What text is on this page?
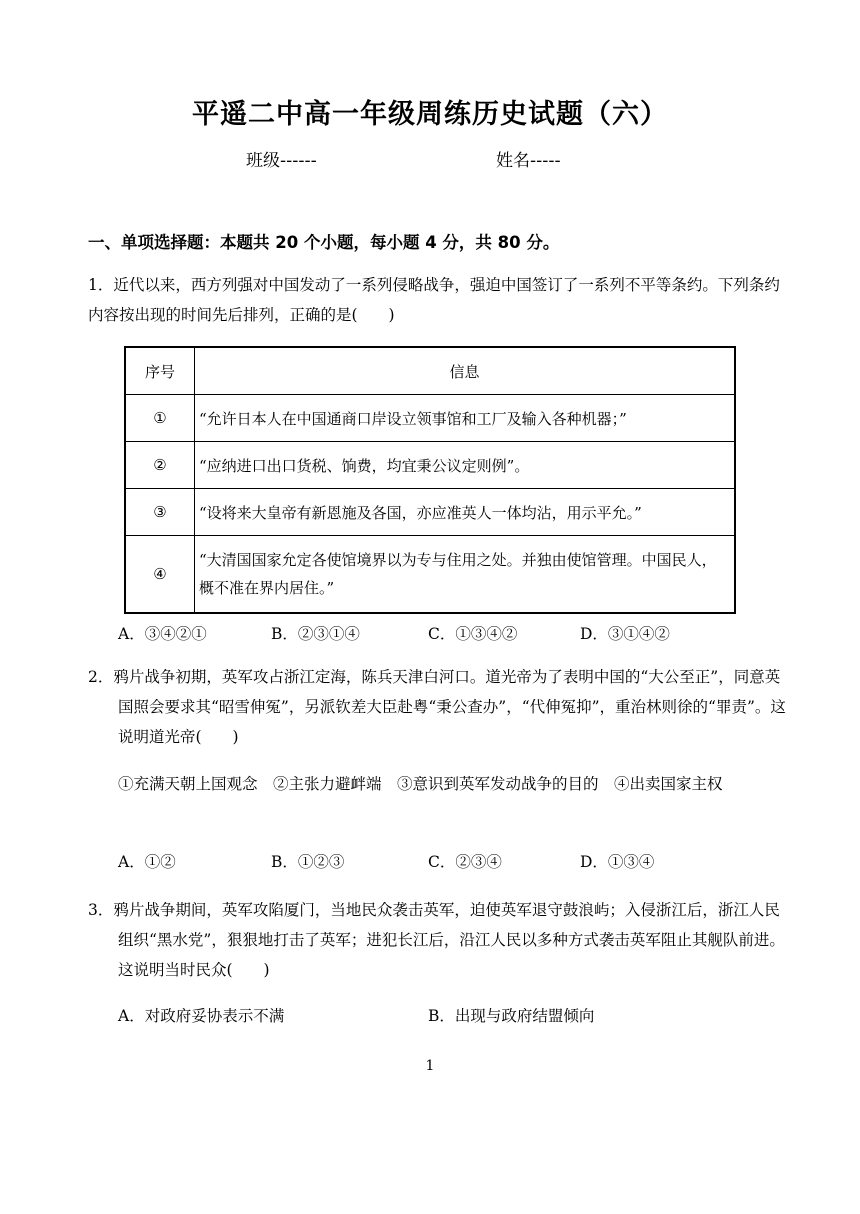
平遥二中高一年级周练历史试题（六）
班级------	姓名-----
一、单项选择题：本题共 20 个小题，每小题 4 分，共 80 分。
1．近代以来，西方列强对中国发动了一系列侵略战争，强迫中国签订了一系列不平等条约。下列条约内容按出现的时间先后排列，正确的是(　　)
序号	信息
①	“允许日本人在中国通商口岸设立领事馆和工厂及输入各种机器；”
②	“应纳进口出口货税、饷费，均宜秉公议定则例”。
③	“设将来大皇帝有新恩施及各国，亦应准英人一体均沾，用示平允。”
④	“大清国国家允定各使馆境界以为专与住用之处。并独由使馆管理。中国民人，概不准在界内居住。”
A．③④②①	B．②③①④	C．①③④②	D．③①④②
2．鸦片战争初期，英军攻占浙江定海，陈兵天津白河口。道光帝为了表明中国的“大公至正”，同意英国照会要求其“昭雪伸冤”，另派钦差大臣赴粤“秉公查办”，“代伸冤抑”，重治林则徐的“罪责”。这说明道光帝(　　)
①充满天朝上国观念　②主张力避衅端　③意识到英军发动战争的目的　④出卖国家主权
A．①②	B．①②③	C．②③④	D．①③④
3．鸦片战争期间，英军攻陷厦门，当地民众袭击英军，迫使英军退守鼓浪屿；入侵浙江后，浙江人民组织“黑水党”，狠狠地打击了英军；进犯长江后，沿江人民以多种方式袭击英军阻止其舰队前进。这说明当时民众(　　)
A．对政府妥协表示不满	B．出现与政府结盟倾向
1
